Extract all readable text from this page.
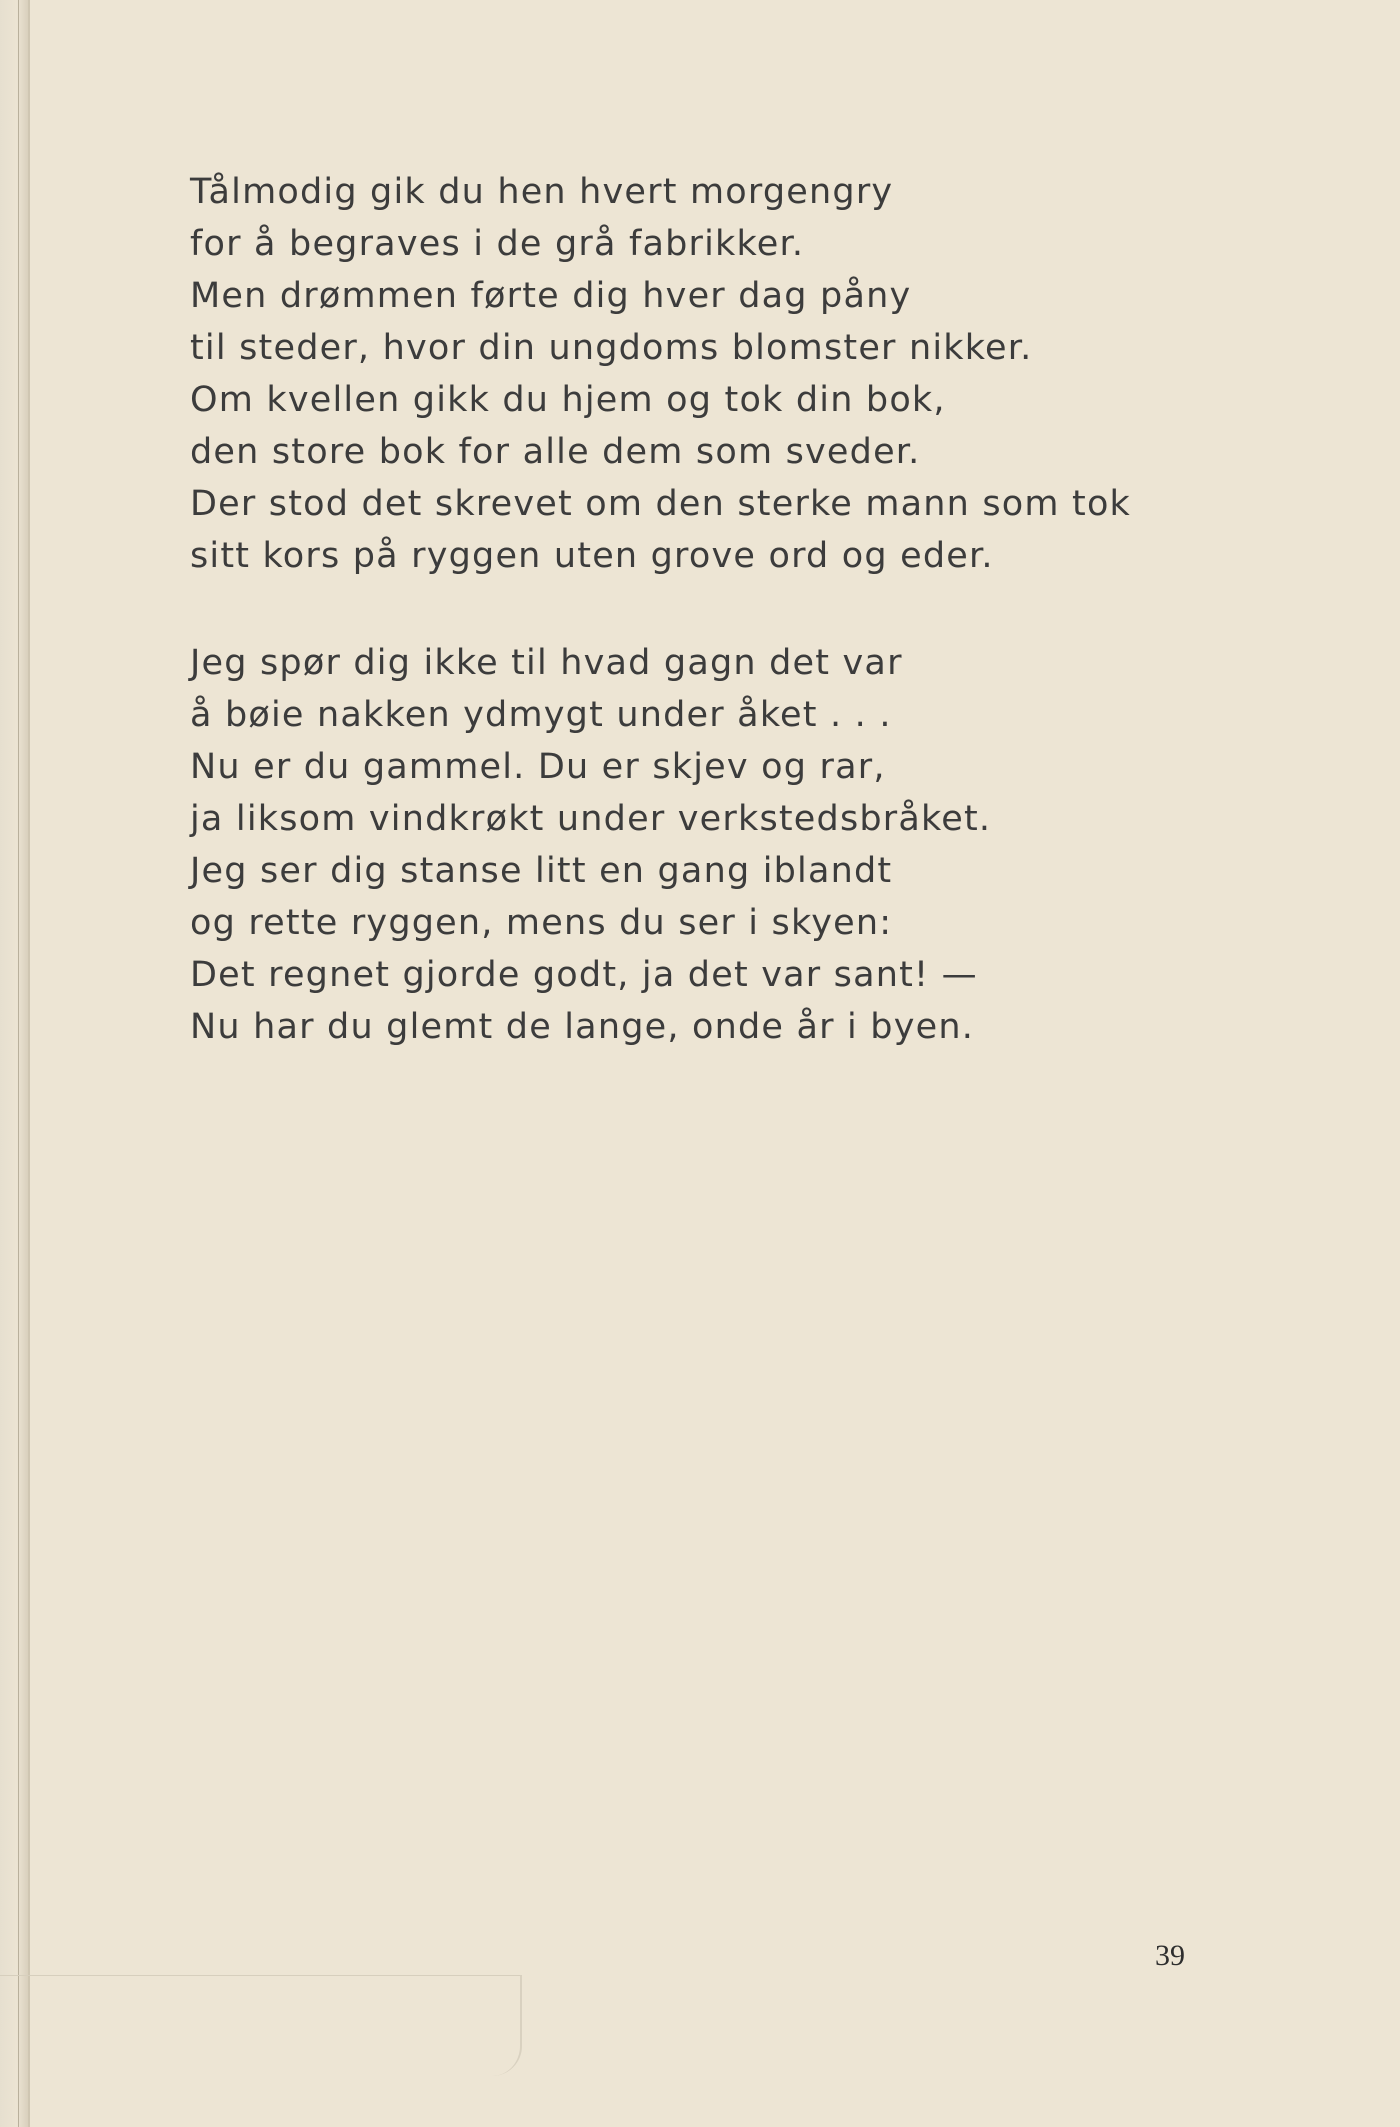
Tålmodig gik du hen hvert morgengry
for å begraves i de grå fabrikker.
Men drømmen førte dig hver dag påny
til steder, hvor din ungdoms blomster nikker.
Om kvellen gikk du hjem og tok din bok,
den store bok for alle dem som sveder.
Der stod det skrevet om den sterke mann som tok
sitt kors på ryggen uten grove ord og eder.
Jeg spør dig ikke til hvad gagn det var
å bøie nakken ydmygt under åket . . .
Nu er du gammel. Du er skjev og rar,
ja liksom vindkrøkt under verkstedsbråket.
Jeg ser dig stanse litt en gang iblandt
og rette ryggen, mens du ser i skyen:
Det regnet gjorde godt, ja det var sant! —
Nu har du glemt de lange, onde år i byen.
39
